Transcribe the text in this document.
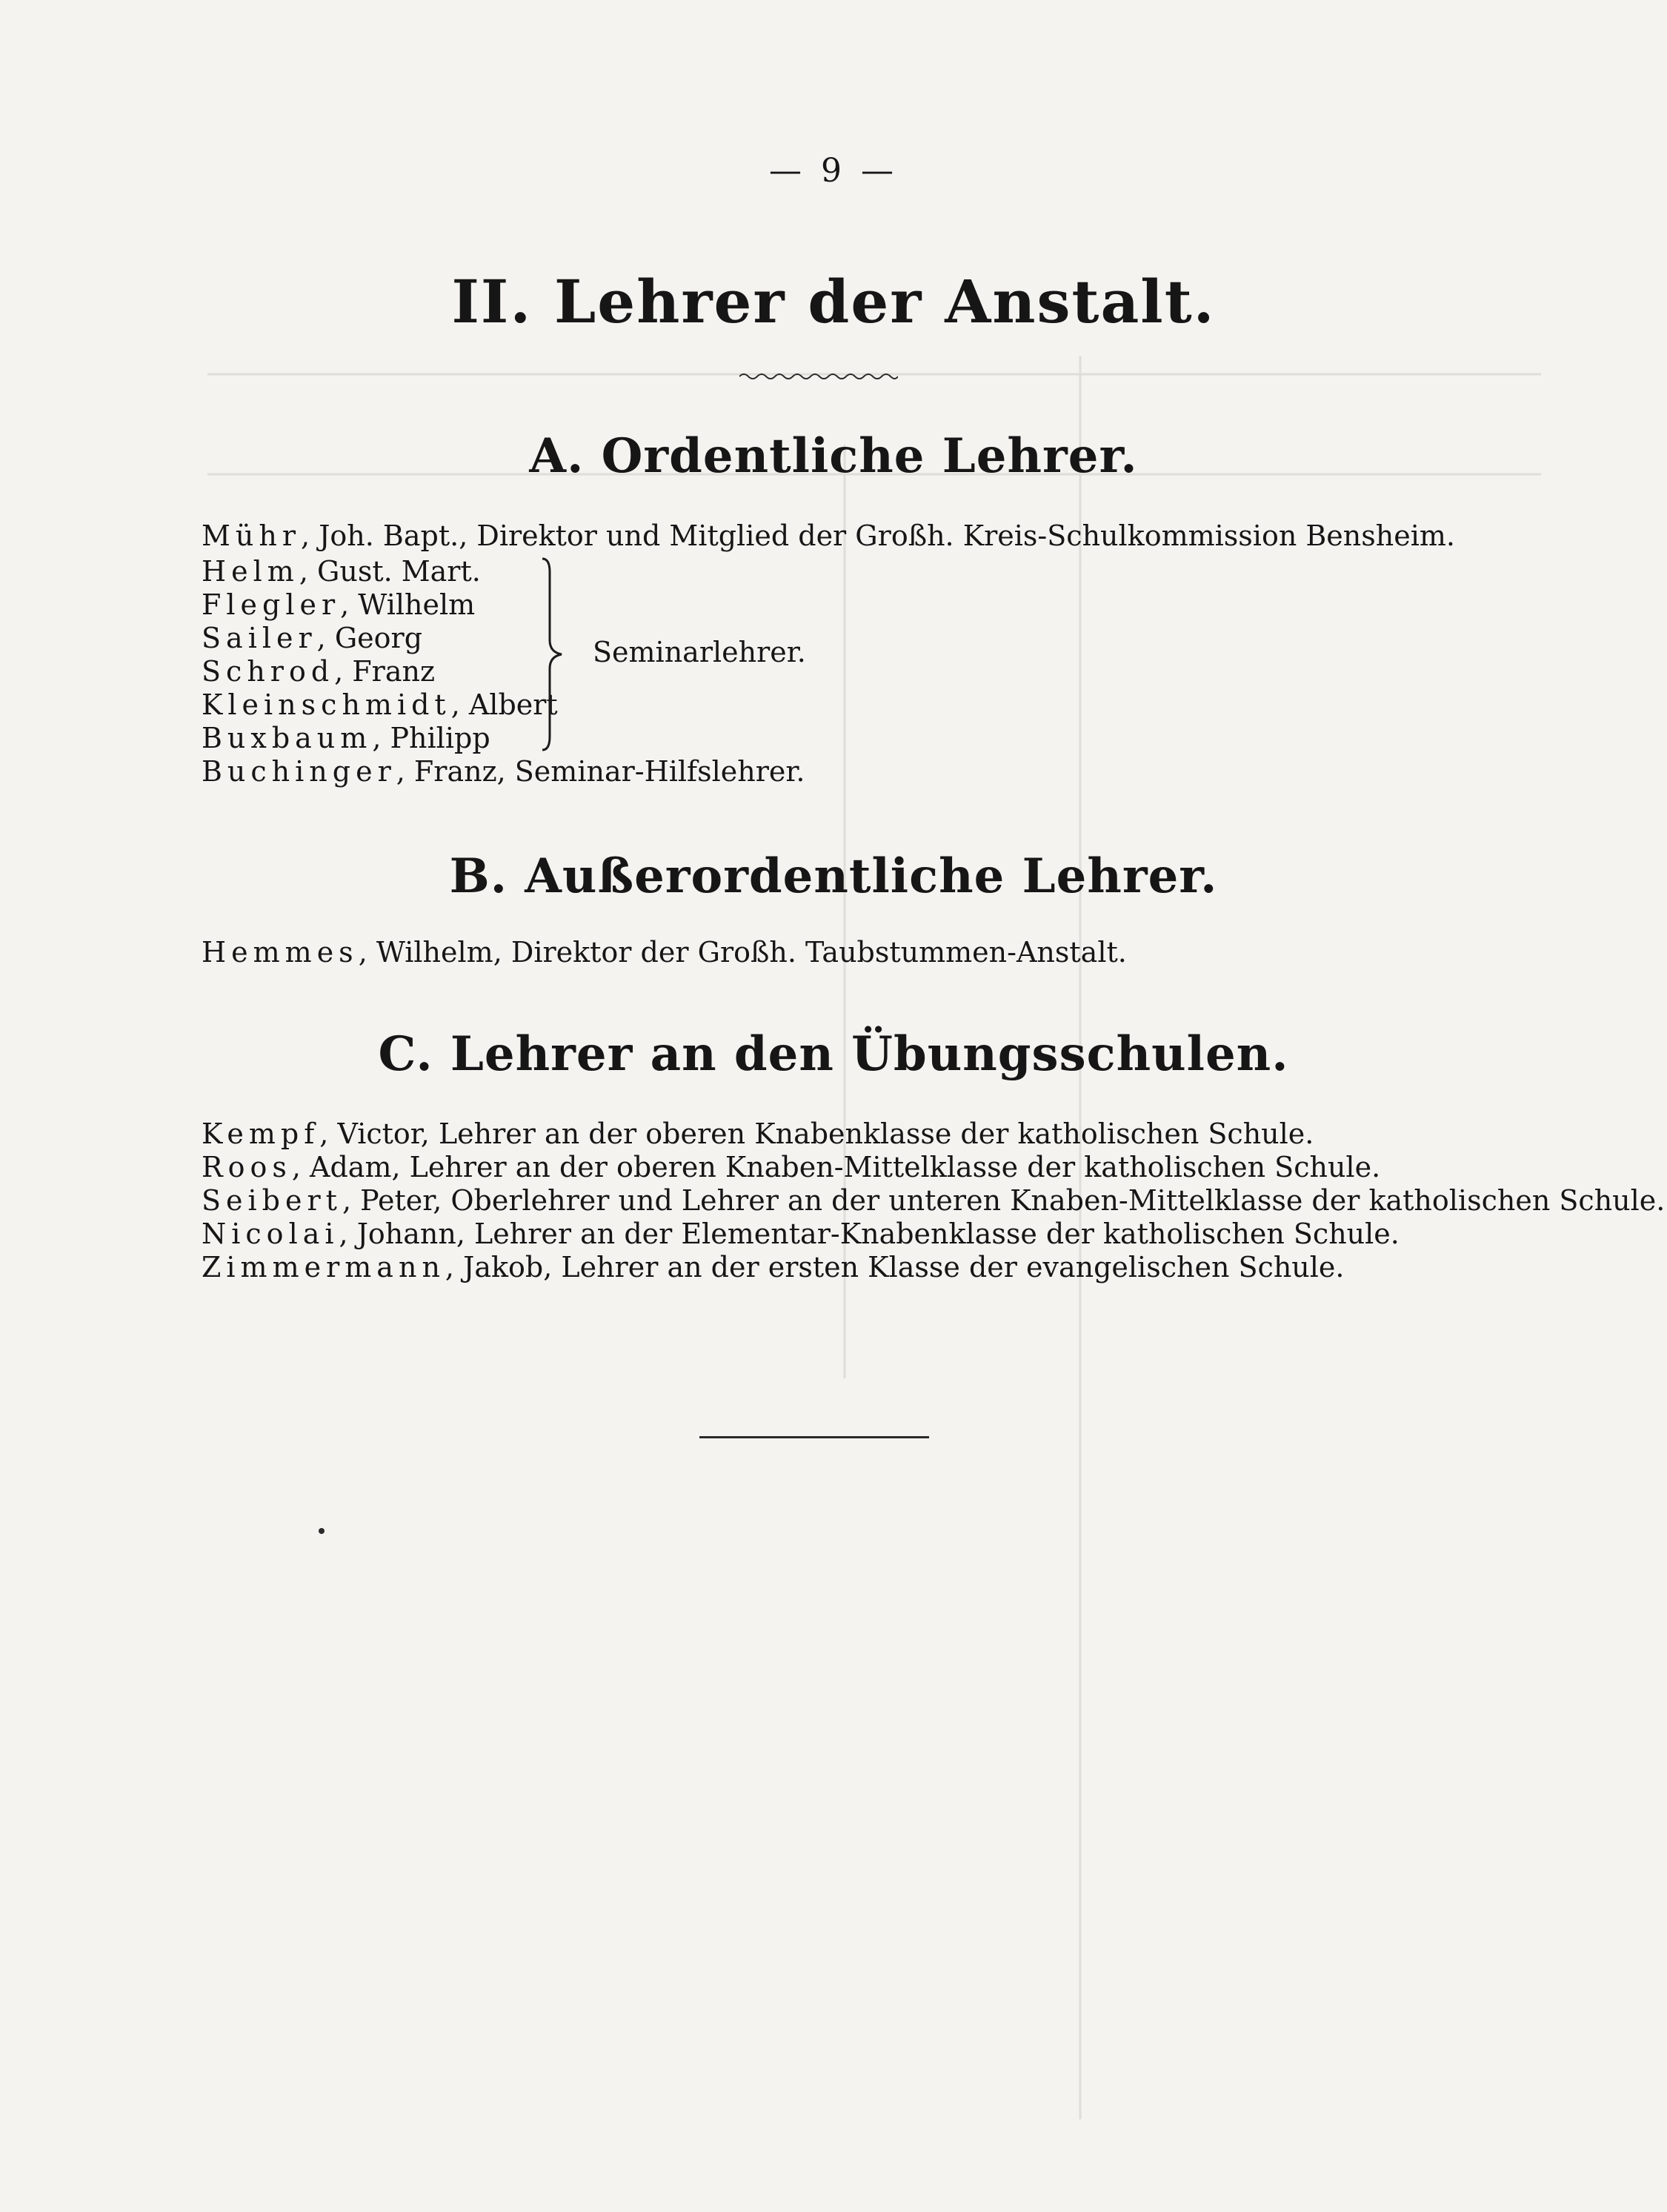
— 9 —
II. Lehrer der Anstalt.
A. Ordentliche Lehrer.
Mühr, Joh. Bapt., Direktor und Mitglied der Großh. Kreis-Schulkommission Bensheim.
Helm, Gust. Mart.
Flegler, Wilhelm
Sailer, Georg
Schrod, Franz
Kleinschmidt, Albert
Buxbaum, Philipp
Seminarlehrer.
Buchinger, Franz, Seminar-Hilfslehrer.
B. Außerordentliche Lehrer.
Hemmes, Wilhelm, Direktor der Großh. Taubstummen-Anstalt.
C. Lehrer an den Übungsschulen.
Kempf, Victor, Lehrer an der oberen Knabenklasse der katholischen Schule.
Roos, Adam, Lehrer an der oberen Knaben-Mittelklasse der katholischen Schule.
Seibert, Peter, Oberlehrer und Lehrer an der unteren Knaben-Mittelklasse der katholischen Schule.
Nicolai, Johann, Lehrer an der Elementar-Knabenklasse der katholischen Schule.
Zimmermann, Jakob, Lehrer an der ersten Klasse der evangelischen Schule.
